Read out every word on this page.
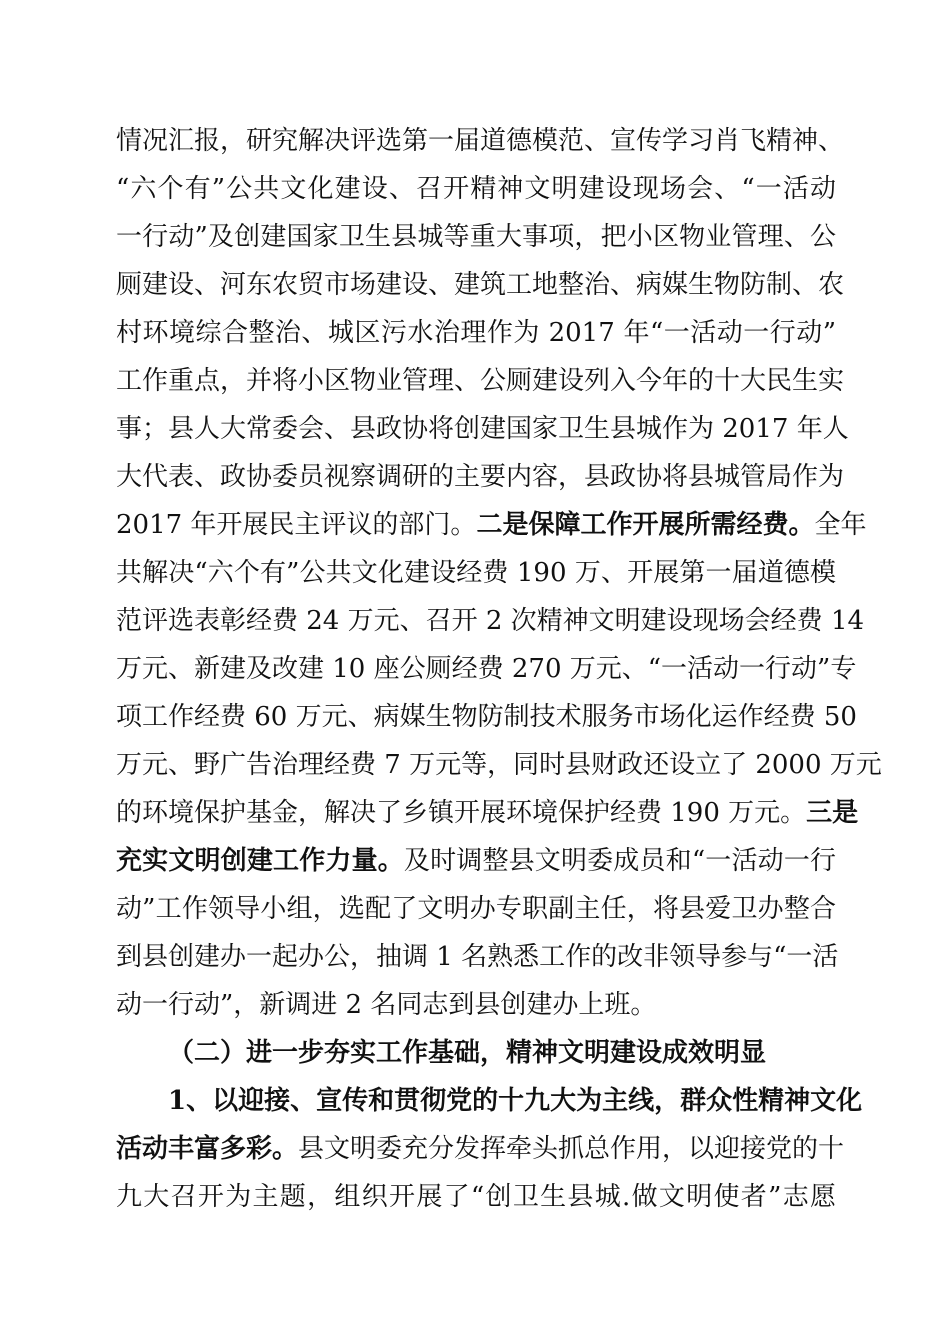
情况汇报，研究解决评选第一届道德模范、宣传学习肖飞精神、
“六个有”公共文化建设、召开精神文明建设现场会、“一活动
一行动”及创建国家卫生县城等重大事项，把小区物业管理、公
厕建设、河东农贸市场建设、建筑工地整治、病媒生物防制、农
村环境综合整治、城区污水治理作为 2017 年“一活动一行动”
工作重点，并将小区物业管理、公厕建设列入今年的十大民生实
事；县人大常委会、县政协将创建国家卫生县城作为 2017 年人
大代表、政协委员视察调研的主要内容，县政协将县城管局作为
2017 年开展民主评议的部门。二是保障工作开展所需经费。全年
共解决“六个有”公共文化建设经费 190 万、开展第一届道德模
范评选表彰经费 24 万元、召开 2 次精神文明建设现场会经费 14
万元、新建及改建 10 座公厕经费 270 万元、“一活动一行动”专
项工作经费 60 万元、病媒生物防制技术服务市场化运作经费 50
万元、野广告治理经费 7 万元等，同时县财政还设立了 2000 万元
的环境保护基金，解决了乡镇开展环境保护经费 190 万元。三是
充实文明创建工作力量。及时调整县文明委成员和“一活动一行
动”工作领导小组，选配了文明办专职副主任，将县爱卫办整合
到县创建办一起办公，抽调 1 名熟悉工作的改非领导参与“一活
动一行动”，新调进 2 名同志到县创建办上班。
（二）进一步夯实工作基础，精神文明建设成效明显
1、以迎接、宣传和贯彻党的十九大为主线，群众性精神文化
活动丰富多彩。县文明委充分发挥牵头抓总作用，以迎接党的十
九大召开为主题，组织开展了“创卫生县城.做文明使者”志愿
